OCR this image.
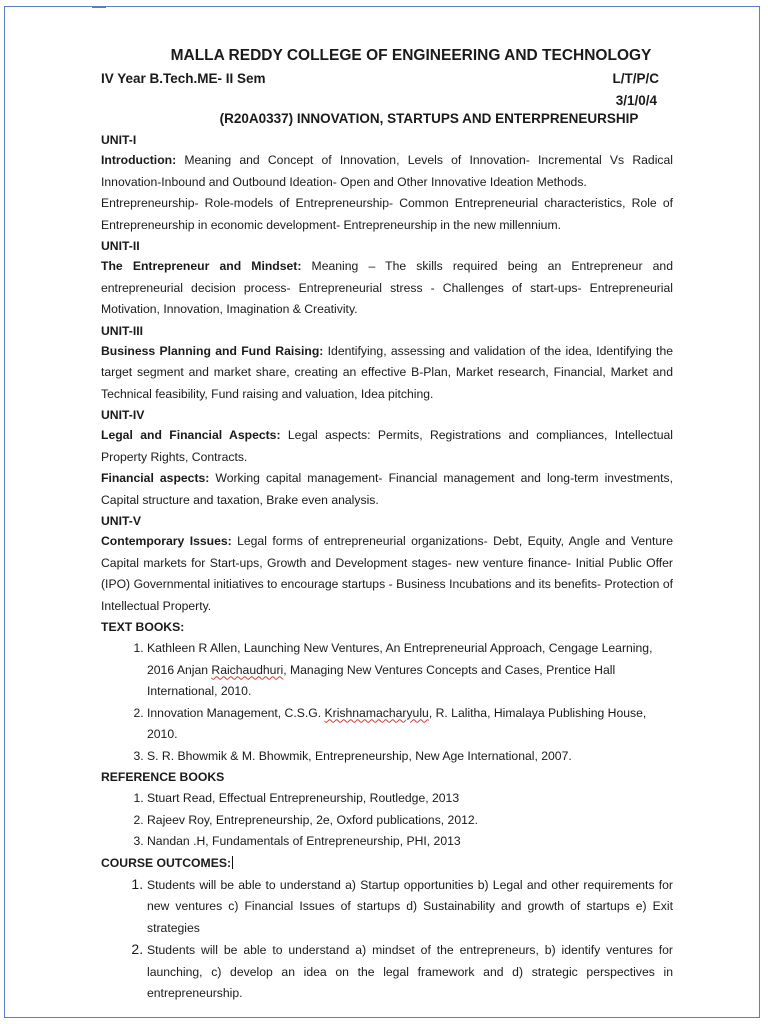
MALLA REDDY COLLEGE OF ENGINEERING AND TECHNOLOGY
IV Year B.Tech.ME- II Sem	L/T/P/C
3/1/0/4
(R20A0337) INNOVATION, STARTUPS AND ENTERPRENEURSHIP
UNIT-I

Introduction: Meaning and Concept of Innovation, Levels of Innovation- Incremental Vs Radical Innovation-Inbound and Outbound Ideation- Open and Other Innovative Ideation Methods.

Entrepreneurship- Role-models of Entrepreneurship- Common Entrepreneurial characteristics, Role of Entrepreneurship in economic development- Entrepreneurship in the new millennium.

UNIT-II

The Entrepreneur and Mindset: Meaning – The skills required being an Entrepreneur and entrepreneurial decision process- Entrepreneurial stress - Challenges of start-ups- Entrepreneurial Motivation, Innovation, Imagination & Creativity.

UNIT-III

Business Planning and Fund Raising: Identifying, assessing and validation of the idea, Identifying the target segment and market share, creating an effective B-Plan, Market research, Financial, Market and Technical feasibility, Fund raising and valuation, Idea pitching.

UNIT-IV

Legal and Financial Aspects: Legal aspects: Permits, Registrations and compliances, Intellectual Property Rights, Contracts.

Financial aspects: Working capital management- Financial management and long-term investments, Capital structure and taxation, Brake even analysis.

UNIT-V

Contemporary Issues: Legal forms of entrepreneurial organizations- Debt, Equity, Angle and Venture Capital markets for Start-ups, Growth and Development stages- new venture finance- Initial Public Offer (IPO) Governmental initiatives to encourage startups - Business Incubations and its benefits- Protection of Intellectual Property.

TEXT BOOKS:
1. Kathleen R Allen, Launching New Ventures, An Entrepreneurial Approach, Cengage Learning, 2016 Anjan Raichaudhuri, Managing New Ventures Concepts and Cases, Prentice Hall International, 2010.
2. Innovation Management, C.S.G. Krishnamacharyulu, R. Lalitha, Himalaya Publishing House, 2010.
3. S. R. Bhowmik & M. Bhowmik, Entrepreneurship, New Age International, 2007.
REFERENCE BOOKS
1. Stuart Read, Effectual Entrepreneurship, Routledge, 2013
2. Rajeev Roy, Entrepreneurship, 2e, Oxford publications, 2012.
3. Nandan .H, Fundamentals of Entrepreneurship, PHI, 2013
COURSE OUTCOMES:

1. Students will be able to understand a) Startup opportunities b) Legal and other requirements for new ventures c) Financial Issues of startups d) Sustainability and growth of startups e) Exit strategies

2. Students will be able to understand a) mindset of the entrepreneurs, b) identify ventures for launching, c) develop an idea on the legal framework and d) strategic perspectives in entrepreneurship.
